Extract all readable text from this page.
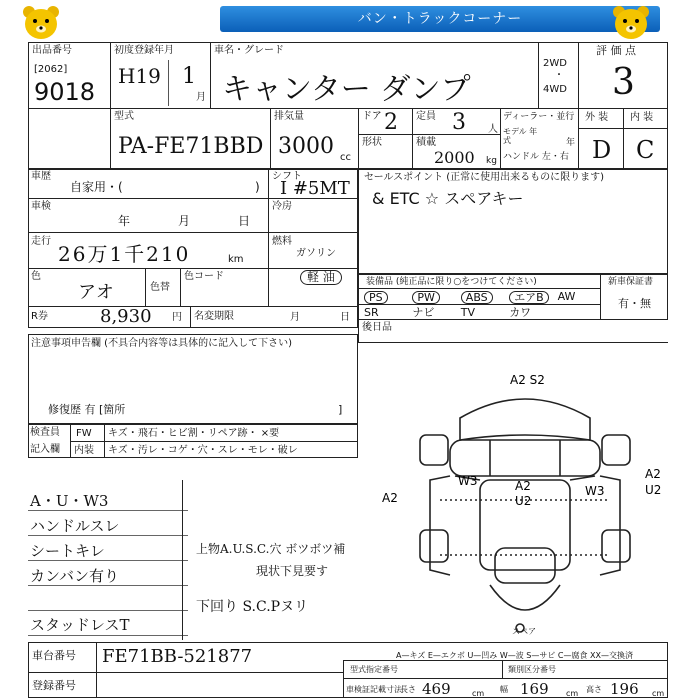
バン・トラックコーナー
出品番号
[2062]
9018
初度登録年月
H19 1
月
車名・グレード
キャンター ダンプ
2WD
・
4WD
評 価 点
3
外 装 内 装
D C
型式
PA-FE71BBD
排気量
3000 cc
ドア 2 定員 3 人
形状	積載
2000 kg
ディーラー・並行
モデル 年式	年
ハンドル 左・右
車歴
自家用・(	)
シフト
I #5MT
車検
年	月	日
冷房
走行
26万1千210	km
燃料
ガソリン
軽 油
色
アオ	色替
色コード
R券	8,930 円 名変期限	月	日
注意事項申告欄 (不具合内容等は具体的に記入して下さい)
修復歴 有 [箇所	]
検査員
記入欄
FW キズ・飛石・ヒビ割・リペア跡・ ×要
内装 キズ・汚レ・コゲ・穴・スレ・モレ・破レ
セールスポイント (正常に使用出来るものに限ります)
& ETC ☆ スペアキー
装備品 (純正品に限り○をつけてください)	新車保証書
有・無
PS	PW	ABS	エアB	AW
SR	ナビ TV	カワ
後日品
A2 S2
A2
W3	A2
U2
W3
A2
U2
スペア
A—キズ E—エクボ U—凹み W—波 S—サビ C—腐食 XX—交換済
A・U・W3
ハンドルスレ
シートキレ
カンバン有り
スタッドレスT
上物A.U.S.C.穴 ボツボツ補
現状下見要す
下回り S.C.Pヌリ
車台番号 FE71BB-521877
登録番号
型式指定番号	類別区分番号
車検証記載寸法
長さ 469	cm 幅 169 cm 高さ 196 cm
